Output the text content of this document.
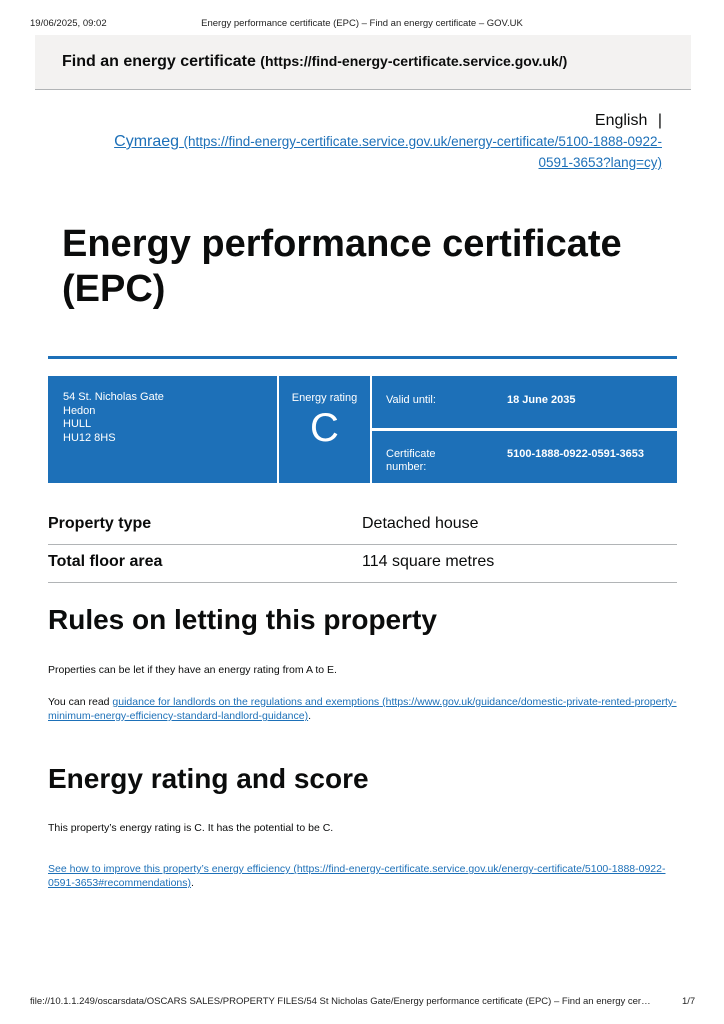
19/06/2025, 09:02	Energy performance certificate (EPC) – Find an energy certificate – GOV.UK
Find an energy certificate (https://find-energy-certificate.service.gov.uk/)
English |
Cymraeg (https://find-energy-certificate.service.gov.uk/energy-certificate/5100-1888-0922-0591-3653?lang=cy)
Energy performance certificate (EPC)
54 St. Nicholas Gate
Hedon
HULL
HU12 8HS
Energy rating
C
Valid until:	18 June 2035
Certificate number:
5100-1888-0922-0591-3653
Property type	Detached house
Total floor area	114 square metres
Rules on letting this property

Properties can be let if they have an energy rating from A to E.

You can read guidance for landlords on the regulations and exemptions (https://www.gov.uk/guidance/domestic-private-rented-property-minimum-energy-efficiency-standard-landlord-guidance).

Energy rating and score

This property’s energy rating is C. It has the potential to be C.

See how to improve this property’s energy efficiency (https://find-energy-certificate.service.gov.uk/energy-certificate/5100-1888-0922-0591-3653#recommendations).

file://10.1.1.249/oscarsdata/OSCARS SALES/PROPERTY FILES/54 St Nicholas Gate/Energy performance certificate (EPC) – Find an energy cer…	1/7
